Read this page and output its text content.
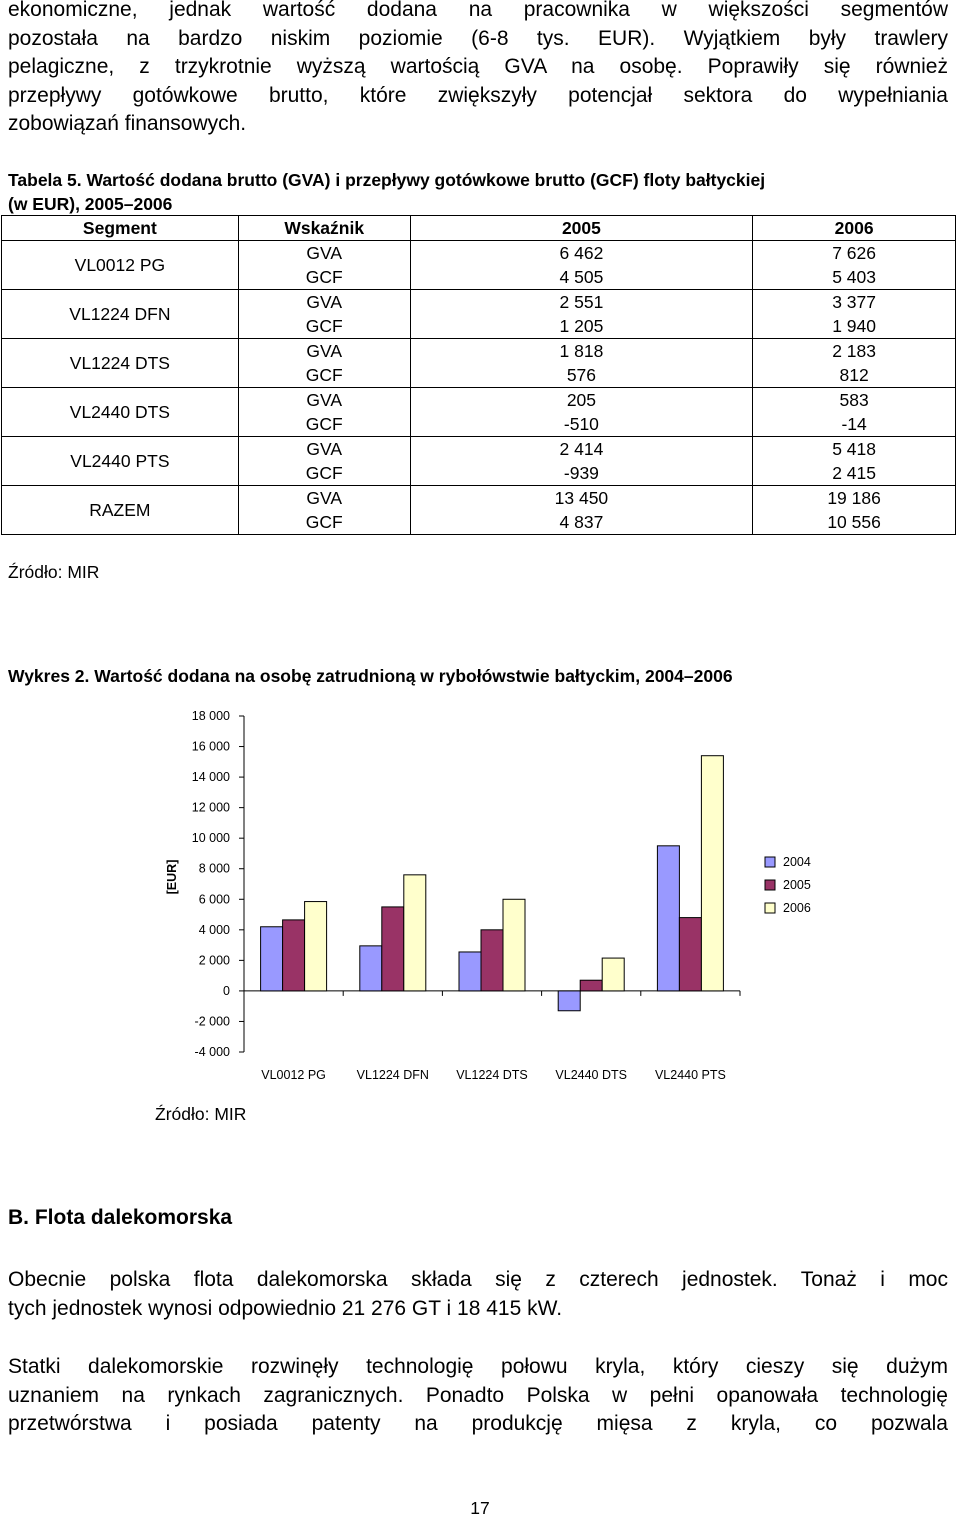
ekonomiczne, jednak wartość dodana na pracownika w większości segmentów
pozostała na bardzo niskim poziomie (6-8 tys. EUR). Wyjątkiem były trawlery
pelagiczne, z trzykrotnie wyższą wartością GVA na osobę. Poprawiły się również
przepływy gotówkowe brutto, które zwiększyły potencjał sektora do wypełniania
zobowiązań finansowych.
Tabela 5. Wartość dodana brutto (GVA) i przepływy gotówkowe brutto (GCF) floty bałtyckiej
(w EUR), 2005–2006
Segment	Wskaźnik	2005	2006
VL0012 PG	GVA	6 462	7 626
	GCF	4 505	5 403
VL1224 DFN	GVA	2 551	3 377
	GCF	1 205	1 940
VL1224 DTS	GVA	1 818	2 183
	GCF	576	812
VL2440 DTS	GVA	205	583
	GCF	-510	-14
VL2440 PTS	GVA	2 414	5 418
	GCF	-939	2 415
RAZEM	GVA	13 450	19 186
	GCF	4 837	10 556

Źródło: MIR

Wykres 2. Wartość dodana na osobę zatrudnioną w rybołówstwie bałtyckim, 2004–2006
18 000
16 000
14 000
12 000
10 000
8 000
6 000
4 000
2 000
0
-2 000
-4 000
[EUR]
VL0012 PG VL1224 DFN VL1224 DTS VL2440 DTS VL2440 PTS
2004
2005
2006

Źródło: MIR

B. Flota dalekomorska

Obecnie polska flota dalekomorska składa się z czterech jednostek. Tonaż i moc
tych jednostek wynosi odpowiednio 21 276 GT i 18 415 kW.
Statki dalekomorskie rozwinęły technologię połowu kryla, który cieszy się dużym
uznaniem na rynkach zagranicznych. Ponadto Polska w pełni opanowała technologię
przetwórstwa i posiada patenty na produkcję mięsa z kryla, co pozwala
17
